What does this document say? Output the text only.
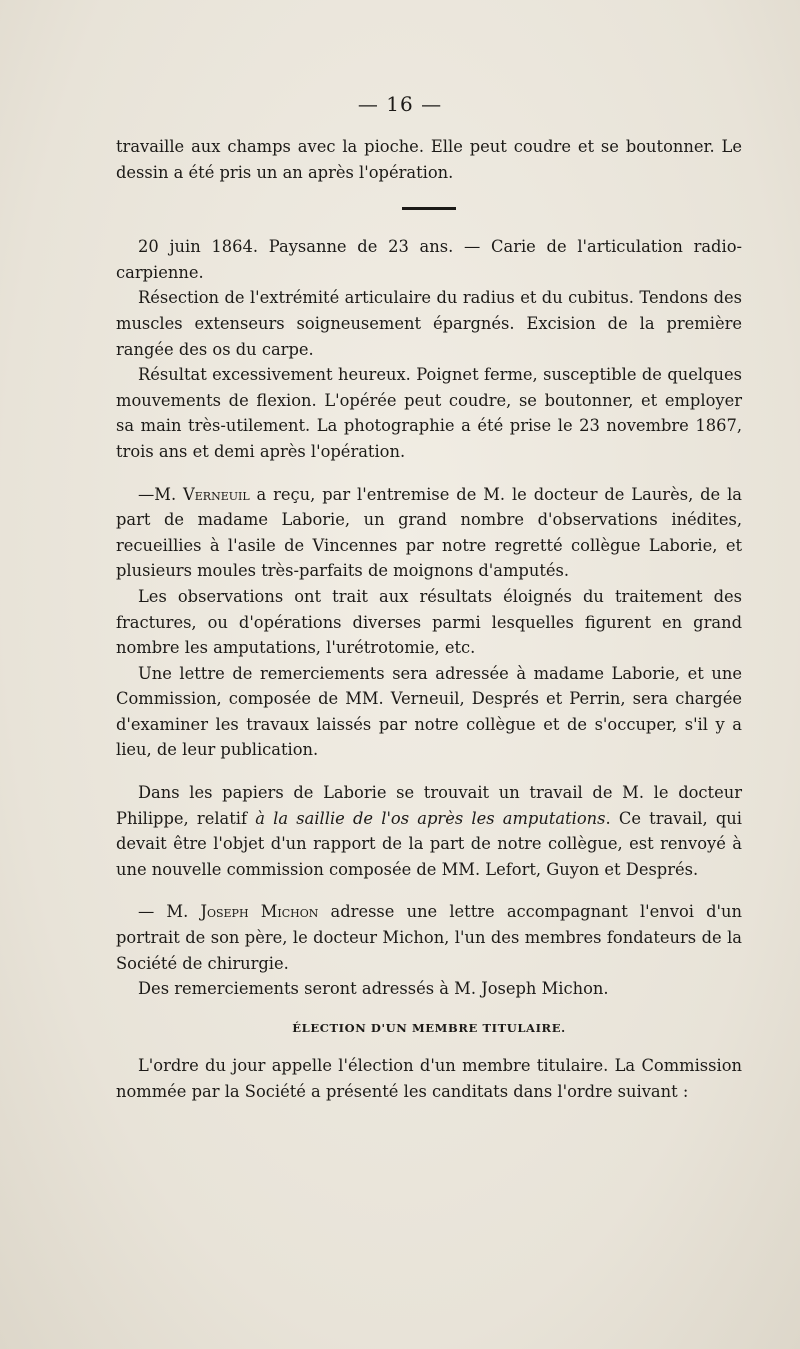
— 16 —

travaille aux champs avec la pioche. Elle peut coudre et se boutonner. Le dessin a été pris un an après l'opération.

20 juin 1864. Paysanne de 23 ans. — Carie de l'articulation radio-carpienne.

Résection de l'extrémité articulaire du radius et du cubitus. Tendons des muscles extenseurs soigneusement épargnés. Excision de la première rangée des os du carpe.

Résultat excessivement heureux. Poignet ferme, susceptible de quelques mouvements de flexion. L'opérée peut coudre, se boutonner, et employer sa main très-utilement. La photographie a été prise le 23 novembre 1867, trois ans et demi après l'opération.

—M. Verneuil a reçu, par l'entremise de M. le docteur de Laurès, de la part de madame Laborie, un grand nombre d'observations inédites, recueillies à l'asile de Vincennes par notre regretté collègue Laborie, et plusieurs moules très-parfaits de moignons d'amputés.

Les observations ont trait aux résultats éloignés du traitement des fractures, ou d'opérations diverses parmi lesquelles figurent en grand nombre les amputations, l'urétrotomie, etc.

Une lettre de remerciements sera adressée à madame Laborie, et une Commission, composée de MM. Verneuil, Després et Perrin, sera chargée d'examiner les travaux laissés par notre collègue et de s'occuper, s'il y a lieu, de leur publication.

Dans les papiers de Laborie se trouvait un travail de M. le docteur Philippe, relatif à la saillie de l'os après les amputations. Ce travail, qui devait être l'objet d'un rapport de la part de notre collègue, est renvoyé à une nouvelle commission composée de MM. Lefort, Guyon et Després.

— M. Joseph Michon adresse une lettre accompagnant l'envoi d'un portrait de son père, le docteur Michon, l'un des membres fondateurs de la Société de chirurgie.

Des remerciements seront adressés à M. Joseph Michon.

ÉLECTION D'UN MEMBRE TITULAIRE.

L'ordre du jour appelle l'élection d'un membre titulaire. La Commission nommée par la Société a présenté les canditats dans l'ordre suivant :
